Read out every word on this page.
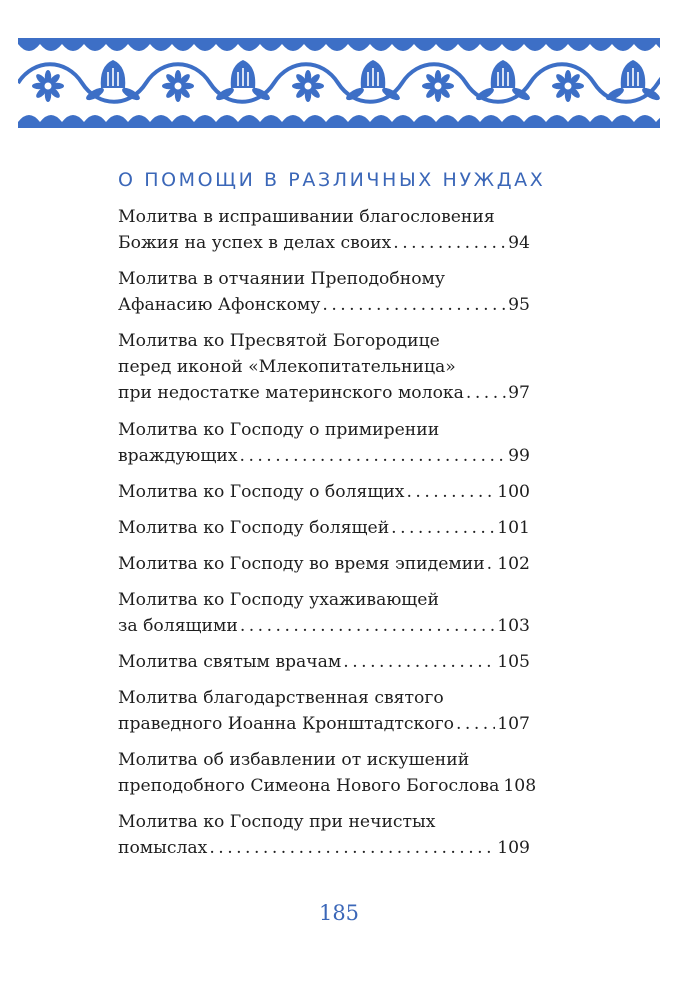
О ПОМОЩИ В РАЗЛИЧНЫХ НУЖДАХ
Молитва в испрашивании благословения
Божия на успех в делах своих . . .	94
Молитва в отчаянии Преподобному
Афанасию Афонскому . . .	95
Молитва ко Пресвятой Богородице
перед иконой «Млекопитательница»
при недостатке материнского молока . . .	97
Молитва ко Господу о примирении
враждующих . . .	99
Молитва ко Господу о болящих . . .	100
Молитва ко Господу болящей . . .	101
Молитва ко Господу во время эпидемии . . . 102
Молитва ко Господу ухаживающей
за болящими . . .	103
Молитва святым врачам . . .	105
Молитва благодарственная святого
праведного Иоанна Кронштадтского . . .	107
Молитва об избавлении от искушений
преподобного Симеона Нового Богослова 108
Молитва ко Господу при нечистых
помыслах . . .	109
185
